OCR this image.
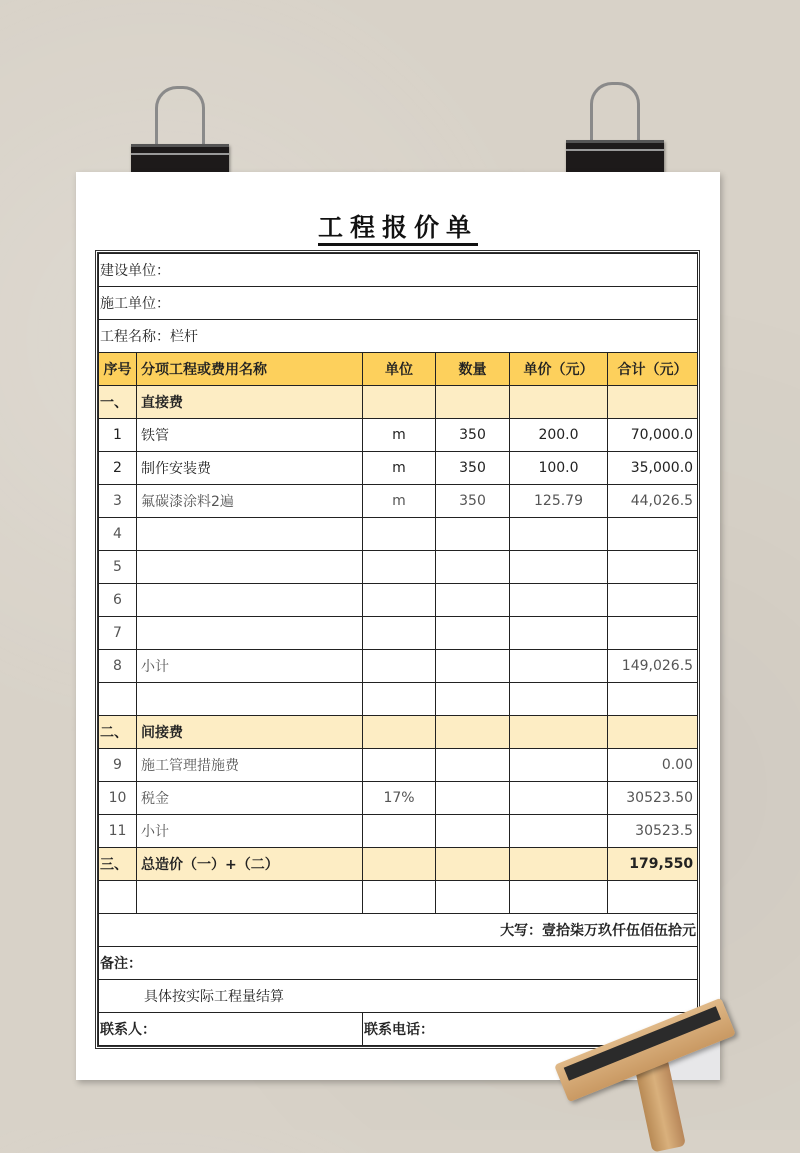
工程报价单
建设单位：					
施工单位：					
工程名称：栏杆					
序号	分项工程或费用名称	单位	数量	单价（元）	合计（元）
一、	直接费				
1	铁管	m	350	200.0	70,000.0
2	制作安装费	m	350	100.0	35,000.0
3	氟碳漆涂料2遍	m	350	125.79	44,026.5
4					
5					
6					
7					
8	小计				149,026.5

二、	间接费				
9	施工管理措施费				0.00
10	税金	17%			30523.50
11	小计				30523.5
三、	总造价（一）+（二）				179,550

大写：壹拾柒万玖仟伍佰伍拾元					
备注：					
具体按实际工程量结算					
联系人：		联系电话：			
